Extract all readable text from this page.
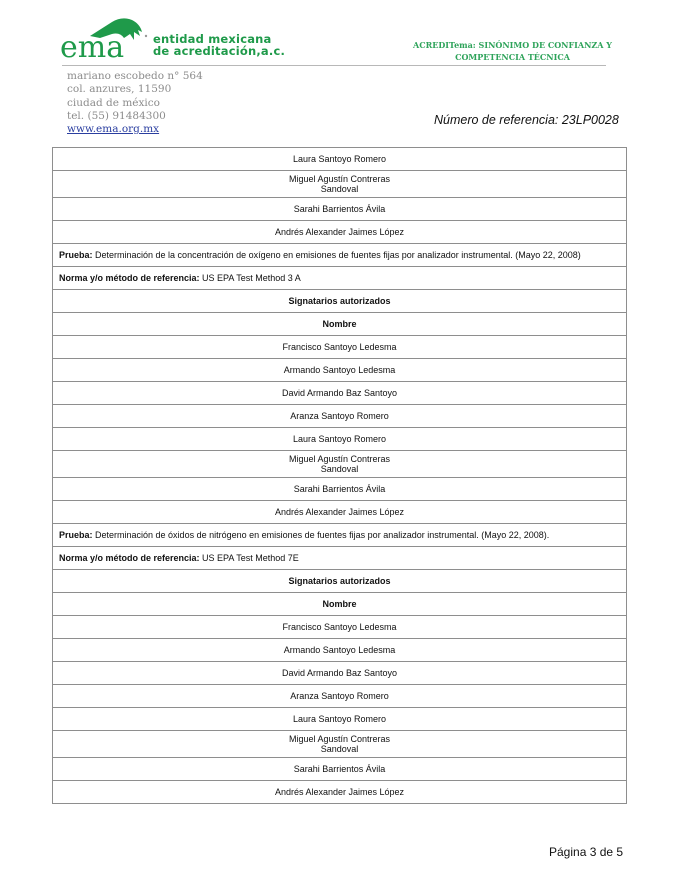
ema	entidad mexicana
de acreditación,a.c.	ACREDITema: SINÓNIMO DE CONFIANZA Y
COMPETENCIA TÉCNICA
mariano escobedo n° 564
col. anzures, 11590
ciudad de méxico
tel. (55) 91484300
www.ema.org.mx
Número de referencia: 23LP0028
Laura Santoyo Romero

Miguel Agustín Contreras
Sandoval

Sarahi Barrientos Ávila
Andrés Alexander Jaimes López
Prueba: Determinación de la concentración de oxígeno en emisiones de fuentes fijas por analizador instrumental. (Mayo 22, 2008)
Norma y/o método de referencia: US EPA Test Method 3 A
Signatarios autorizados
Nombre
Francisco Santoyo Ledesma
Armando Santoyo Ledesma
David Armando Baz Santoyo
Aranza Santoyo Romero
Laura Santoyo Romero

Miguel Agustín Contreras
Sandoval

Sarahi Barrientos Ávila
Andrés Alexander Jaimes López
Prueba: Determinación de óxidos de nitrógeno en emisiones de fuentes fijas por analizador instrumental. (Mayo 22, 2008).
Norma y/o método de referencia: US EPA Test Method 7E
Signatarios autorizados
Nombre
Francisco Santoyo Ledesma
Armando Santoyo Ledesma
David Armando Baz Santoyo
Aranza Santoyo Romero
Laura Santoyo Romero

Miguel Agustín Contreras
Sandoval

Sarahi Barrientos Ávila
Andrés Alexander Jaimes López
Página 3 de 5
